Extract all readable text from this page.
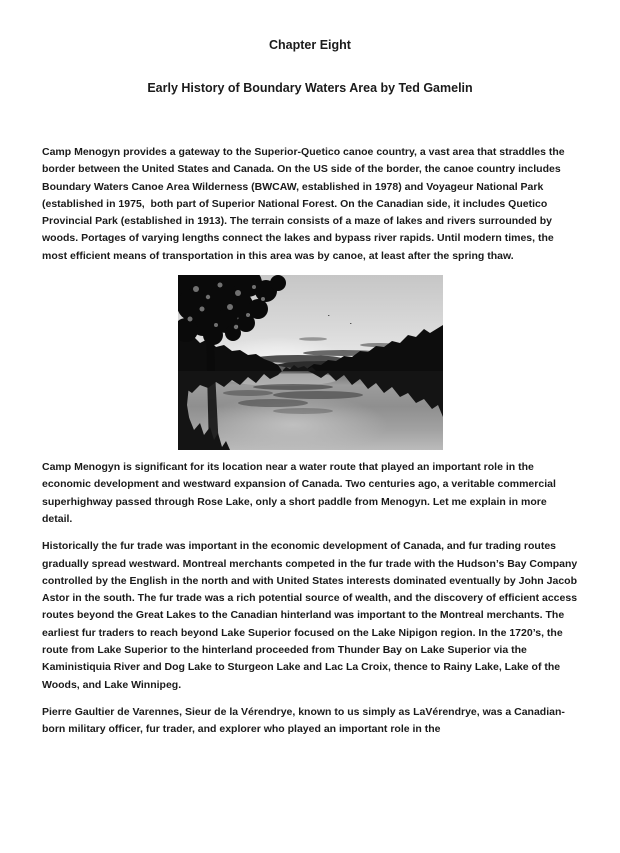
Chapter Eight
Early History of Boundary Waters Area by Ted Gamelin

Camp Menogyn provides a gateway to the Superior-Quetico canoe country, a vast area that straddles the border between the United States and Canada. On the US side of the border, the canoe country includes Boundary Waters Canoe Area Wilderness (BWCAW, established in 1978) and Voyageur National Park (established in 1975,  both part of Superior National Forest. On the Canadian side, it includes Quetico Provincial Park (established in 1913). The terrain consists of a maze of lakes and rivers surrounded by woods. Portages of varying lengths connect the lakes and bypass river rapids. Until modern times, the most efficient means of transportation in this area was by canoe, at least after the spring thaw.

Camp Menogyn is significant for its location near a water route that played an important role in the economic development and westward expansion of Canada. Two centuries ago, a veritable commercial superhighway passed through Rose Lake, only a short paddle from Menogyn. Let me explain in more detail.

Historically the fur trade was important in the economic development of Canada, and fur trading routes gradually spread westward. Montreal merchants competed in the fur trade with the Hudson’s Bay Company controlled by the English in the north and with United States interests dominated eventually by John Jacob Astor in the south. The fur trade was a rich potential source of wealth, and the discovery of efficient access routes beyond the Great Lakes to the Canadian hinterland was important to the Montreal merchants. The earliest fur traders to reach beyond Lake Superior focused on the Lake Nipigon region. In the 1720’s, the route from Lake Superior to the hinterland proceeded from Thunder Bay on Lake Superior via the Kaministiquia River and Dog Lake to Sturgeon Lake and Lac La Croix, thence to Rainy Lake, Lake of the Woods, and Lake Winnipeg.

Pierre Gaultier de Varennes, Sieur de la Vérendrye, known to us simply as LaVérendrye, was a Canadian-born military officer, fur trader, and explorer who played an important role in the
